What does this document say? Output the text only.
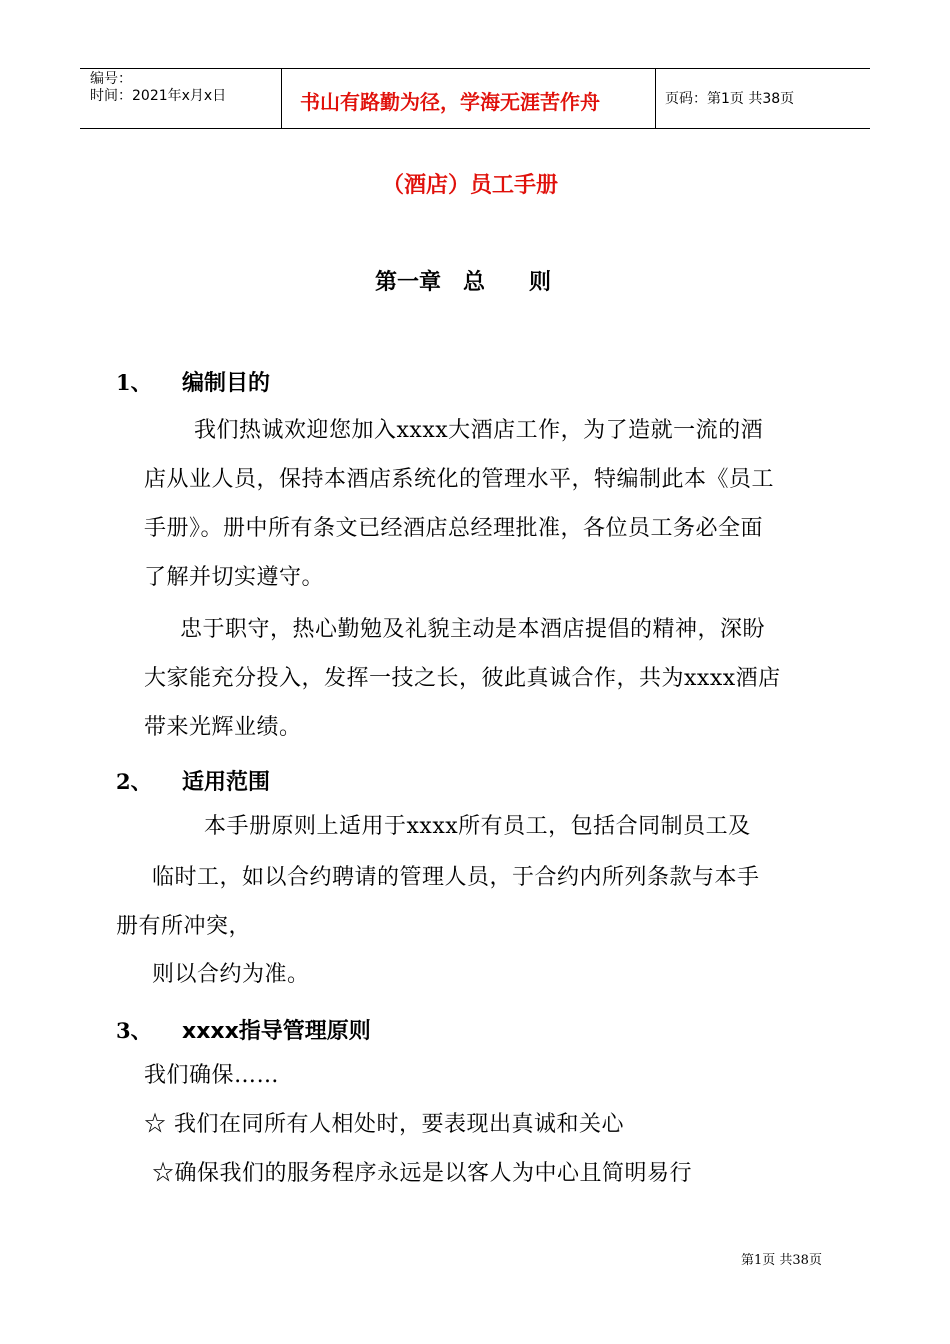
编号：
时间：2021年x月x日	书山有路勤为径，学海无涯苦作舟	页码：第1页 共38页
（酒店）员工手册
第一章　总　　则
1、 编制目的
我们热诚欢迎您加入xxxx大酒店工作，为了造就一流的酒
店从业人员，保持本酒店系统化的管理水平，特编制此本《员工
手册》。册中所有条文已经酒店总经理批准，各位员工务必全面
了解并切实遵守。
忠于职守，热心勤勉及礼貌主动是本酒店提倡的精神，深盼
大家能充分投入，发挥一技之长，彼此真诚合作，共为xxxx酒店
带来光辉业绩。
2、 适用范围
本手册原则上适用于xxxx所有员工，包括合同制员工及
临时工，如以合约聘请的管理人员，于合约内所列条款与本手
册有所冲突，
则以合约为准。
3、 xxxx指导管理原则
我们确保……
☆ 我们在同所有人相处时，要表现出真诚和关心
☆确保我们的服务程序永远是以客人为中心且简明易行
第1页 共38页
